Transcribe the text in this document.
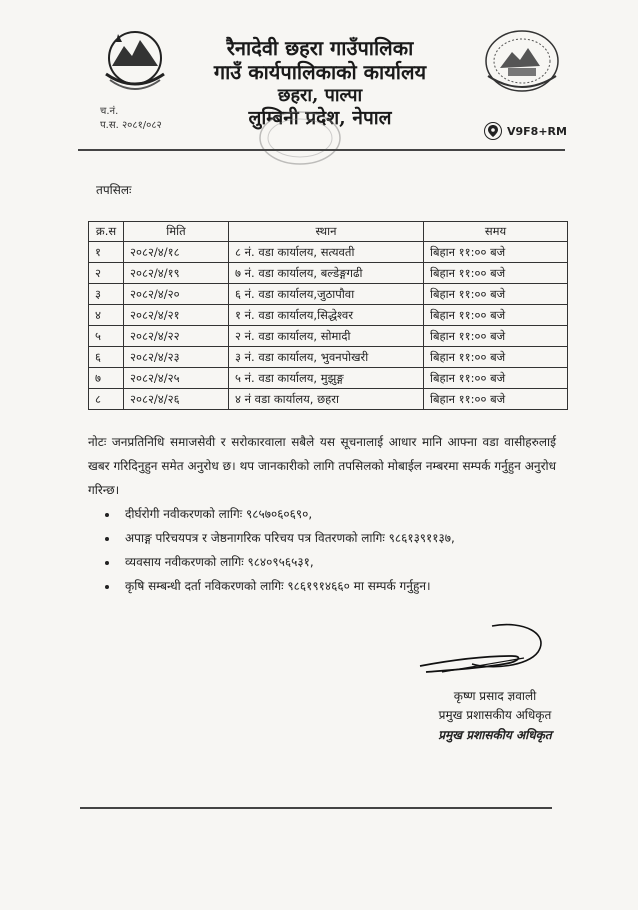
रैनादेवी छहरा गाउँपालिका
गाउँ कार्यपालिकाको कार्यालय
छहरा, पाल्पा
लुम्बिनी प्रदेश, नेपाल
च.नं.
प.स. २०८१/०८२	V9F8+RM
तपसिलः
क्र.स	मिति	स्थान	समय
१	२०८२/४/१८	८ नं. वडा कार्यालय, सत्यवती	बिहान ११:०० बजे
२	२०८२/४/१९	७ नं. वडा कार्यालय, बल्डेङ्गगढी	बिहान ११:०० बजे
३	२०८२/४/२०	६ नं. वडा कार्यालय,जुठापौवा	बिहान ११:०० बजे
४	२०८२/४/२१	१ नं. वडा कार्यालय,सिद्धेश्वर	बिहान ११:०० बजे
५	२०८२/४/२२	२ नं. वडा कार्यालय, सोमादी	बिहान ११:०० बजे
६	२०८२/४/२३	३ नं. वडा कार्यालय, भुवनपोखरी	बिहान ११:०० बजे
७	२०८२/४/२५	५ नं. वडा कार्यालय, मुझुङ्ग	बिहान ११:०० बजे
८	२०८२/४/२६	४ नं वडा कार्यालय, छहरा	बिहान ११:०० बजे
नोटः जनप्रतिनिधि समाजसेवी र सरोकारवाला सबैले यस सूचनालाई आधार मानि आफ्ना वडा वासीहरुलाई खबर गरिदिनुहुन समेत अनुरोध छ। थप जानकारीको लागि तपसिलको मोबाईल नम्बरमा सम्पर्क गर्नुहुन अनुरोध गरिन्छ।
• दीर्घरोगी नवीकरणको लागिः ९८५७०६०६९०,
• अपाङ्ग परिचयपत्र र जेष्ठनागरिक परिचय पत्र वितरणको लागिः ९८६१३९११३७,
• व्यवसाय नवीकरणको लागिः ९८४०९५६५३१,
• कृषि सम्बन्धी दर्ता नविकरणको लागिः ९८६१९१४६६० मा सम्पर्क गर्नुहुन।
कृष्ण प्रसाद ज्ञवाली
प्रमुख प्रशासकीय अधिकृत
प्रमुख प्रशासकीय अधिकृत
